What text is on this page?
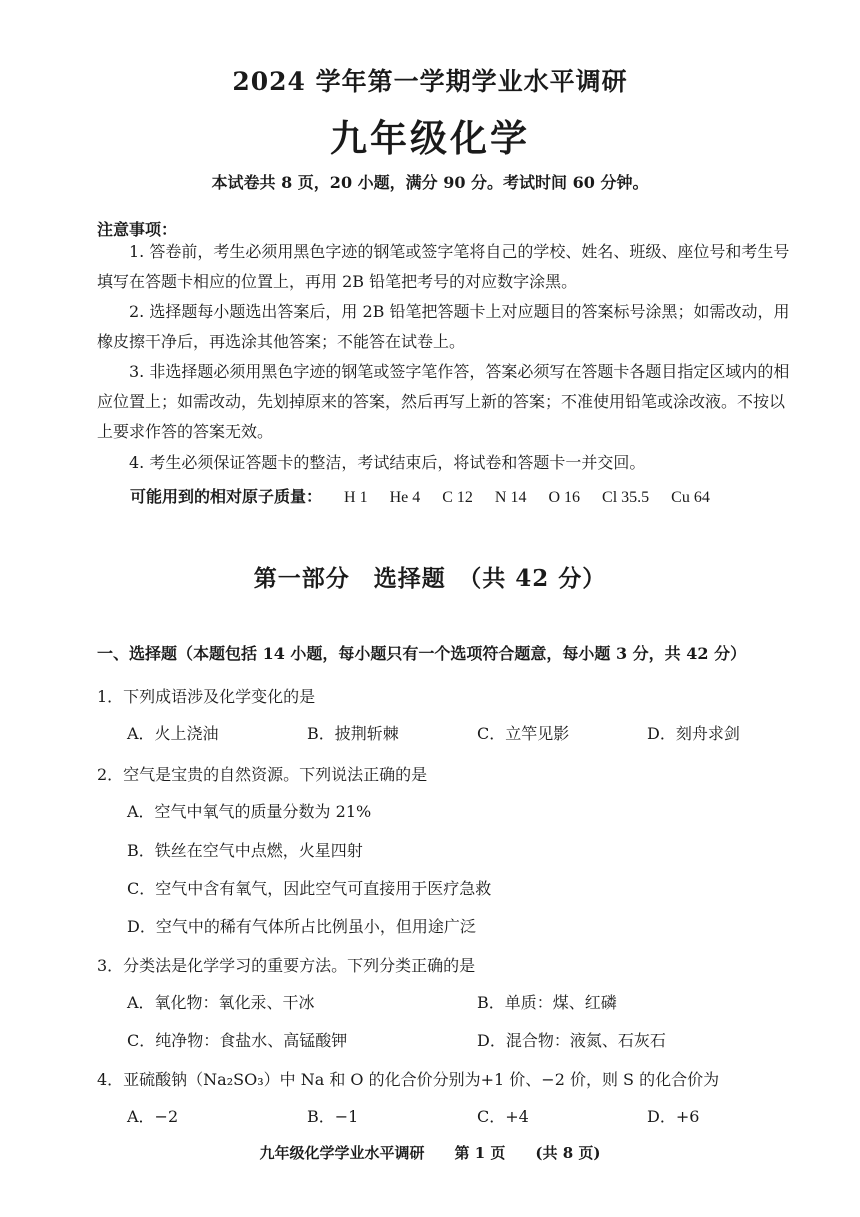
2024 学年第一学期学业水平调研
九年级化学
本试卷共 8 页，20 小题，满分 90 分。考试时间 60 分钟。
注意事项：
1. 答卷前，考生必须用黑色字迹的钢笔或签字笔将自己的学校、姓名、班级、座位号和考生号填写在答题卡相应的位置上，再用 2B 铅笔把考号的对应数字涂黑。
2. 选择题每小题选出答案后，用 2B 铅笔把答题卡上对应题目的答案标号涂黑；如需改动，用橡皮擦干净后，再选涂其他答案；不能答在试卷上。
3. 非选择题必须用黑色字迹的钢笔或签字笔作答，答案必须写在答题卡各题目指定区域内的相应位置上；如需改动，先划掉原来的答案，然后再写上新的答案；不准使用铅笔或涂改液。不按以上要求作答的答案无效。
4. 考生必须保证答题卡的整洁，考试结束后，将试卷和答题卡一并交回。
可能用到的相对原子质量： H 1 He 4 C 12 N 14 O 16 Cl 35.5 Cu 64
第一部分　选择题　（共 42 分）
一、选择题（本题包括 14 小题，每小题只有一个选项符合题意，每小题 3 分，共 42 分）
1．下列成语涉及化学变化的是
A．火上浇油	B．披荆斩棘	C．立竿见影	D．刻舟求剑
2．空气是宝贵的自然资源。下列说法正确的是
A．空气中氧气的质量分数为 21%
B．铁丝在空气中点燃，火星四射
C．空气中含有氧气，因此空气可直接用于医疗急救
D．空气中的稀有气体所占比例虽小，但用途广泛
3．分类法是化学学习的重要方法。下列分类正确的是
A．氧化物：氧化汞、干冰	B．单质：煤、红磷
C．纯净物：食盐水、高锰酸钾	D．混合物：液氮、石灰石
4．亚硫酸钠（Na₂SO₃）中 Na 和 O 的化合价分别为+1 价、−2 价，则 S 的化合价为
A．−2	B．−1	C．+4	D．+6
九年级化学学业水平调研　　第 1 页　　(共 8 页)
